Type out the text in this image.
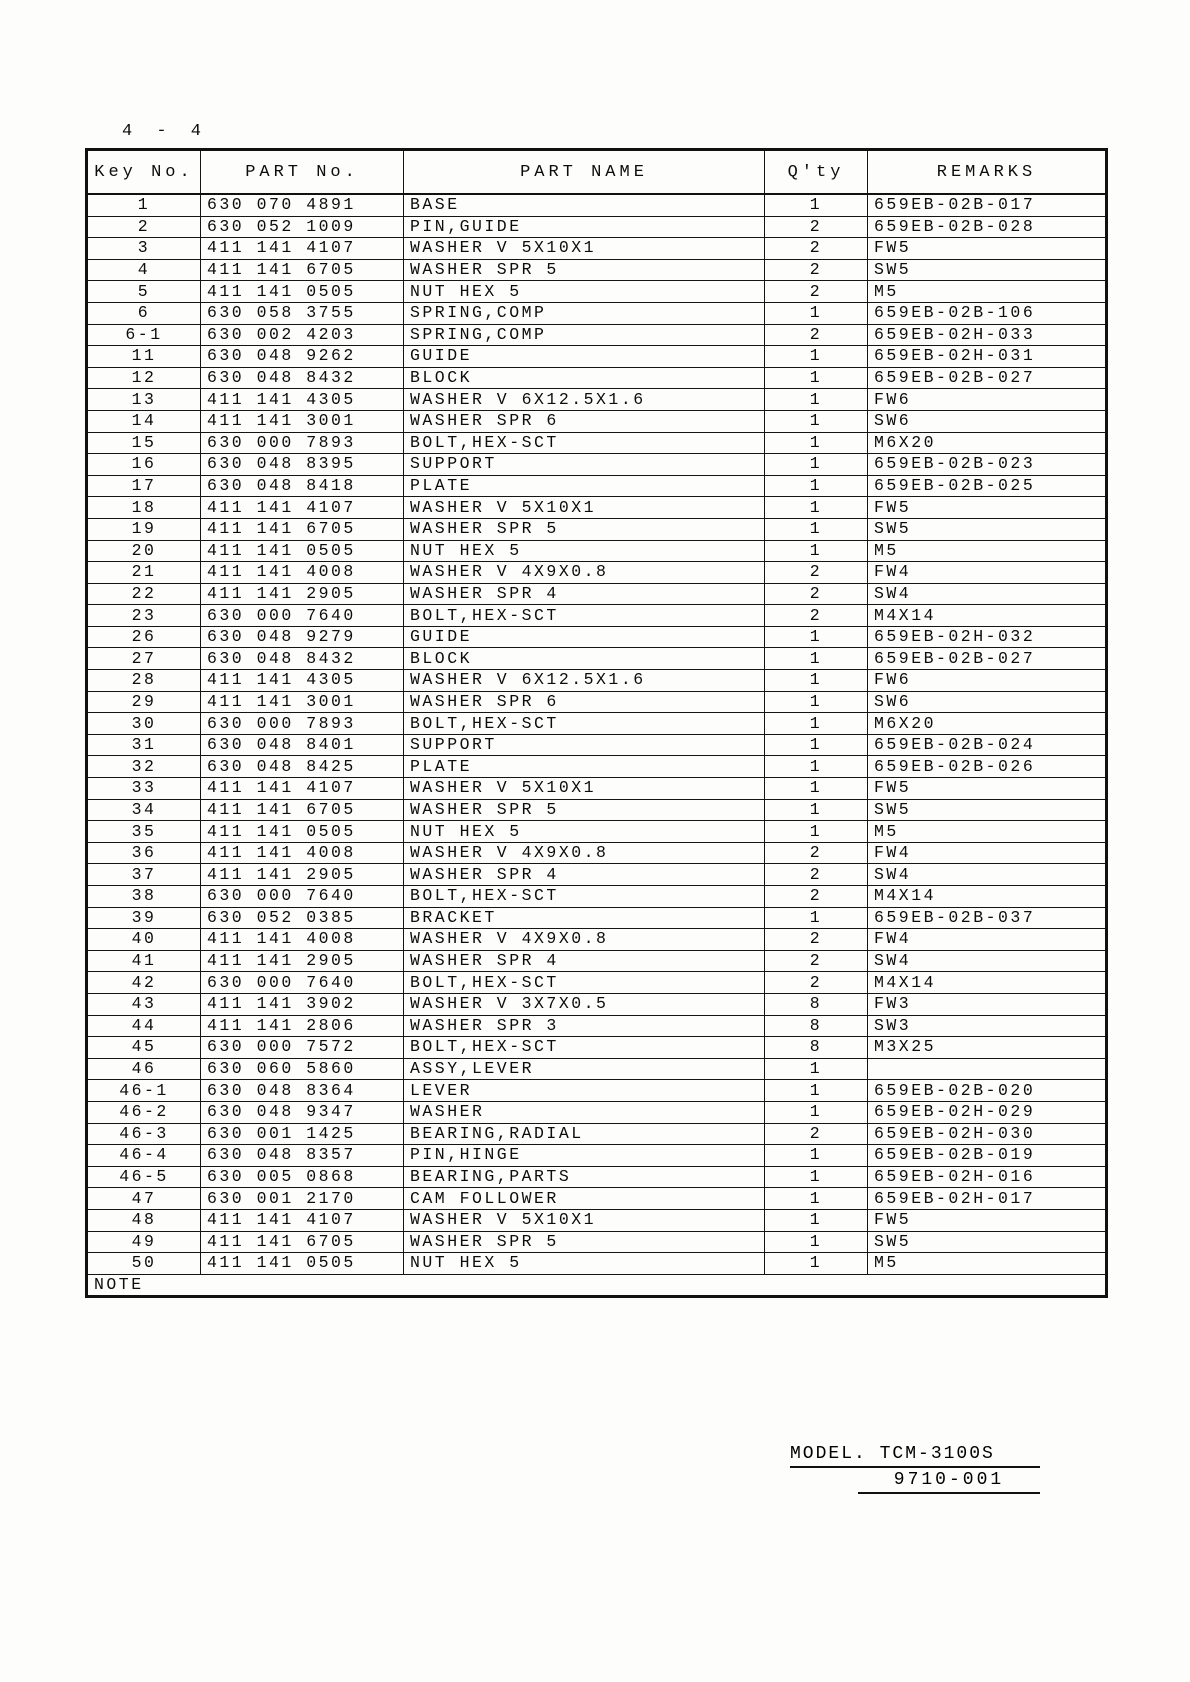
4 - 4
Key No.	PART No.	PART NAME	Q'ty	REMARKS
1	630 070 4891	BASE	1	659EB-02B-017
2	630 052 1009	PIN,GUIDE	2	659EB-02B-028
3	411 141 4107	WASHER V 5X10X1	2	FW5
4	411 141 6705	WASHER SPR 5	2	SW5
5	411 141 0505	NUT HEX 5	2	M5
6	630 058 3755	SPRING,COMP	1	659EB-02B-106
6-1	630 002 4203	SPRING,COMP	2	659EB-02H-033
11	630 048 9262	GUIDE	1	659EB-02H-031
12	630 048 8432	BLOCK	1	659EB-02B-027
13	411 141 4305	WASHER V 6X12.5X1.6	1	FW6
14	411 141 3001	WASHER SPR 6	1	SW6
15	630 000 7893	BOLT,HEX-SCT	1	M6X20
16	630 048 8395	SUPPORT	1	659EB-02B-023
17	630 048 8418	PLATE	1	659EB-02B-025
18	411 141 4107	WASHER V 5X10X1	1	FW5
19	411 141 6705	WASHER SPR 5	1	SW5
20	411 141 0505	NUT HEX 5	1	M5
21	411 141 4008	WASHER V 4X9X0.8	2	FW4
22	411 141 2905	WASHER SPR 4	2	SW4
23	630 000 7640	BOLT,HEX-SCT	2	M4X14
26	630 048 9279	GUIDE	1	659EB-02H-032
27	630 048 8432	BLOCK	1	659EB-02B-027
28	411 141 4305	WASHER V 6X12.5X1.6	1	FW6
29	411 141 3001	WASHER SPR 6	1	SW6
30	630 000 7893	BOLT,HEX-SCT	1	M6X20
31	630 048 8401	SUPPORT	1	659EB-02B-024
32	630 048 8425	PLATE	1	659EB-02B-026
33	411 141 4107	WASHER V 5X10X1	1	FW5
34	411 141 6705	WASHER SPR 5	1	SW5
35	411 141 0505	NUT HEX 5	1	M5
36	411 141 4008	WASHER V 4X9X0.8	2	FW4
37	411 141 2905	WASHER SPR 4	2	SW4
38	630 000 7640	BOLT,HEX-SCT	2	M4X14
39	630 052 0385	BRACKET	1	659EB-02B-037
40	411 141 4008	WASHER V 4X9X0.8	2	FW4
41	411 141 2905	WASHER SPR 4	2	SW4
42	630 000 7640	BOLT,HEX-SCT	2	M4X14
43	411 141 3902	WASHER V 3X7X0.5	8	FW3
44	411 141 2806	WASHER SPR 3	8	SW3
45	630 000 7572	BOLT,HEX-SCT	8	M3X25
46	630 060 5860	ASSY,LEVER	1	
46-1	630 048 8364	LEVER	1	659EB-02B-020
46-2	630 048 9347	WASHER	1	659EB-02H-029
46-3	630 001 1425	BEARING,RADIAL	2	659EB-02H-030
46-4	630 048 8357	PIN,HINGE	1	659EB-02B-019
46-5	630 005 0868	BEARING,PARTS	1	659EB-02H-016
47	630 001 2170	CAM FOLLOWER	1	659EB-02H-017
48	411 141 4107	WASHER V 5X10X1	1	FW5
49	411 141 6705	WASHER SPR 5	1	SW5
50	411 141 0505	NUT HEX 5	1	M5
NOTE				
MODEL. TCM-3100S
9710-001
